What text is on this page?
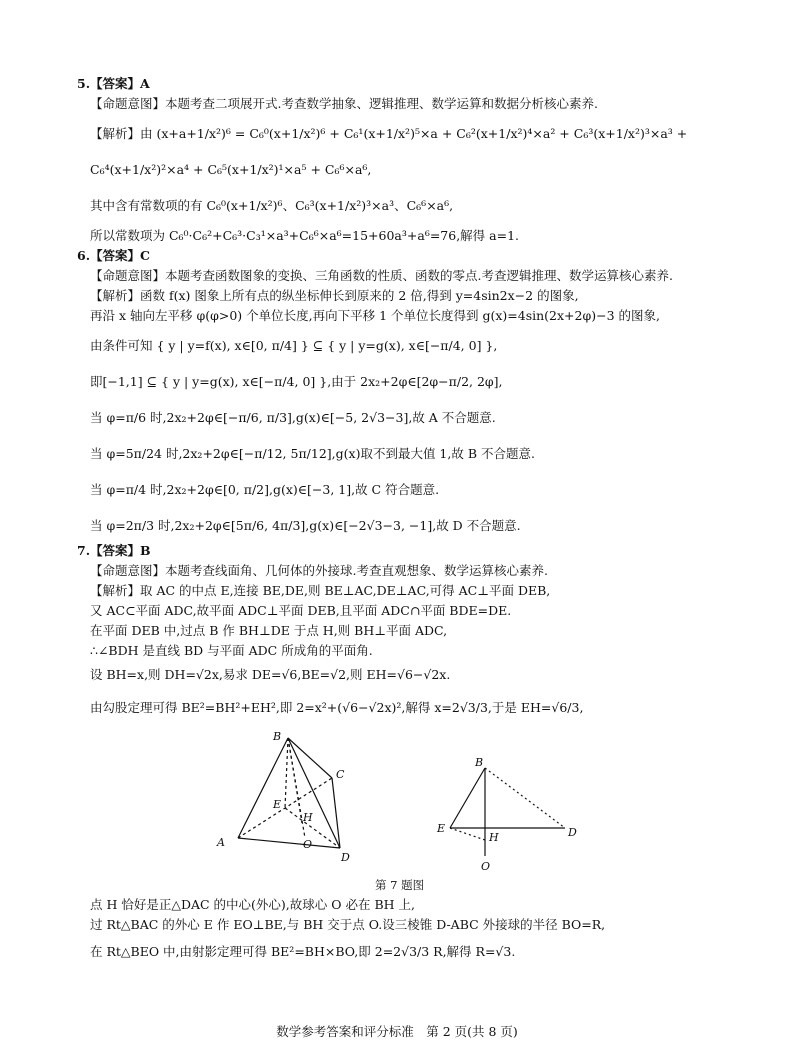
5.【答案】A
【命题意图】本题考查二项展开式.考查数学抽象、逻辑推理、数学运算和数据分析核心素养.
【解析】由 (x+a+1/x²)⁶ = C₆⁰(x+1/x²)⁶ + C₆¹(x+1/x²)⁵×a + C₆²(x+1/x²)⁴×a² + C₆³(x+1/x²)³×a³ +
C₆⁴(x+1/x²)²×a⁴ + C₆⁵(x+1/x²)¹×a⁵ + C₆⁶×a⁶,
其中含有常数项的有 C₆⁰(x+1/x²)⁶、C₆³(x+1/x²)³×a³、C₆⁶×a⁶,
所以常数项为 C₆⁰·C₆²+C₆³·C₃¹×a³+C₆⁶×a⁶=15+60a³+a⁶=76,解得 a=1.
6.【答案】C
【命题意图】本题考查函数图象的变换、三角函数的性质、函数的零点.考查逻辑推理、数学运算核心素养.
【解析】函数 f(x) 图象上所有点的纵坐标伸长到原来的 2 倍,得到 y=4sin2x−2 的图象,
再沿 x 轴向左平移 φ(φ>0) 个单位长度,再向下平移 1 个单位长度得到 g(x)=4sin(2x+2φ)−3 的图象,
由条件可知 { y | y=f(x), x∈[0, π/4] } ⊆ { y | y=g(x), x∈[−π/4, 0] },
即[−1,1] ⊆ { y | y=g(x), x∈[−π/4, 0] },由于 2x₂+2φ∈[2φ−π/2, 2φ],
当 φ=π/6 时,2x₂+2φ∈[−π/6, π/3],g(x)∈[−5, 2√3−3],故 A 不合题意.
当 φ=5π/24 时,2x₂+2φ∈[−π/12, 5π/12],g(x)取不到最大值 1,故 B 不合题意.
当 φ=π/4 时,2x₂+2φ∈[0, π/2],g(x)∈[−3, 1],故 C 符合题意.
当 φ=2π/3 时,2x₂+2φ∈[5π/6, 4π/3],g(x)∈[−2√3−3, −1],故 D 不合题意.
7.【答案】B
【命题意图】本题考查线面角、几何体的外接球.考查直观想象、数学运算核心素养.
【解析】取 AC 的中点 E,连接 BE,DE,则 BE⊥AC,DE⊥AC,可得 AC⊥平面 DEB,
又 AC⊂平面 ADC,故平面 ADC⊥平面 DEB,且平面 ADC∩平面 BDE=DE.
在平面 DEB 中,过点 B 作 BH⊥DE 于点 H,则 BH⊥平面 ADC,
∴∠BDH 是直线 BD 与平面 ADC 所成角的平面角.
设 BH=x,则 DH=√2x,易求 DE=√6,BE=√2,则 EH=√6−√2x.
由勾股定理可得 BE²=BH²+EH²,即 2=x²+(√6−√2x)²,解得 x=2√3/3,于是 EH=√6/3,
B
C
E
H
A	O
D
B
E
H	D
O
第 7 题图
点 H 恰好是正△DAC 的中心(外心),故球心 O 必在 BH 上,
过 Rt△BAC 的外心 E 作 EO⊥BE,与 BH 交于点 O.设三棱锥 D-ABC 外接球的半径 BO=R,
在 Rt△BEO 中,由射影定理可得 BE²=BH×BO,即 2=2√3/3 R,解得 R=√3.
数学参考答案和评分标准　第 2 页(共 8 页)
